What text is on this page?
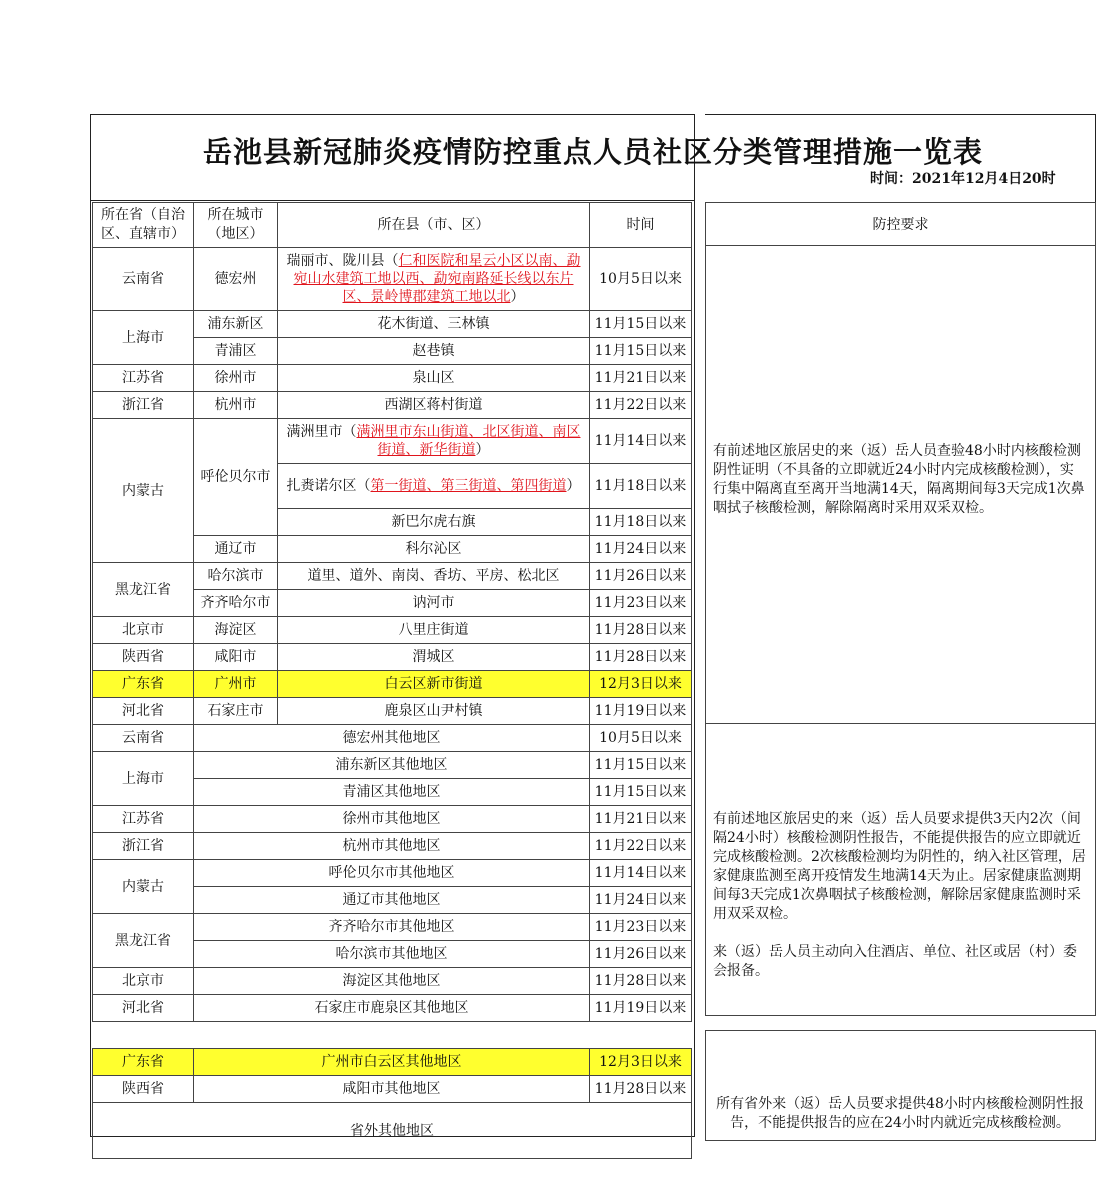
岳池县新冠肺炎疫情防控重点人员社区分类管理措施一览表
时间：2021年12月4日20时
所在省（自治区、直辖市）	所在城市（地区）	所在县（市、区）	时间
云南省	德宏州	瑞丽市、陇川县（仁和医院和星云小区以南、勐宛山水建筑工地以西、勐宛南路延长线以东片区、景岭博郡建筑工地以北）	10月5日以来
上海市	浦东新区	花木街道、三林镇	11月15日以来
	青浦区	赵巷镇	11月15日以来
江苏省	徐州市	泉山区	11月21日以来
浙江省	杭州市	西湖区蒋村街道	11月22日以来
内蒙古	呼伦贝尔市	满洲里市（满洲里市东山街道、北区街道、南区街道、新华街道）	11月14日以来
		扎赉诺尔区（第一街道、第三街道、第四街道）	11月18日以来
		新巴尔虎右旗	11月18日以来
	通辽市	科尔沁区	11月24日以来
黑龙江省	哈尔滨市	道里、道外、南岗、香坊、平房、松北区	11月26日以来
	齐齐哈尔市	讷河市	11月23日以来
北京市	海淀区	八里庄街道	11月28日以来
陕西省	咸阳市	渭城区	11月28日以来
广东省	广州市	白云区新市街道	12月3日以来
河北省	石家庄市	鹿泉区山尹村镇	11月19日以来
云南省	德宏州其他地区		10月5日以来
上海市	浦东新区其他地区		11月15日以来
	青浦区其他地区		11月15日以来
江苏省	徐州市其他地区		11月21日以来
浙江省	杭州市其他地区		11月22日以来
内蒙古	呼伦贝尔市其他地区		11月14日以来
	通辽市其他地区		11月24日以来
黑龙江省	齐齐哈尔市其他地区		11月23日以来
	哈尔滨市其他地区		11月26日以来
北京市	海淀区其他地区		11月28日以来
河北省	石家庄市鹿泉区其他地区		11月19日以来

广东省	广州市白云区其他地区		12月3日以来
陕西省	咸阳市其他地区		11月28日以来
省外其他地区			
防控要求
有前述地区旅居史的来（返）岳人员查验48小时内核酸检测阴性证明（不具备的立即就近24小时内完成核酸检测），实行集中隔离直至离开当地满14天，隔离期间每3天完成1次鼻咽拭子核酸检测，解除隔离时采用双采双检。
有前述地区旅居史的来（返）岳人员要求提供3天内2次（间隔24小时）核酸检测阴性报告，不能提供报告的应立即就近完成核酸检测。2次核酸检测均为阴性的，纳入社区管理，居家健康监测至离开疫情发生地满14天为止。居家健康监测期间每3天完成1次鼻咽拭子核酸检测，解除居家健康监测时采用双采双检。
来（返）岳人员主动向入住酒店、单位、社区或居（村）委会报备。
所有省外来（返）岳人员要求提供48小时内核酸检测阴性报告，不能提供报告的应在24小时内就近完成核酸检测。
